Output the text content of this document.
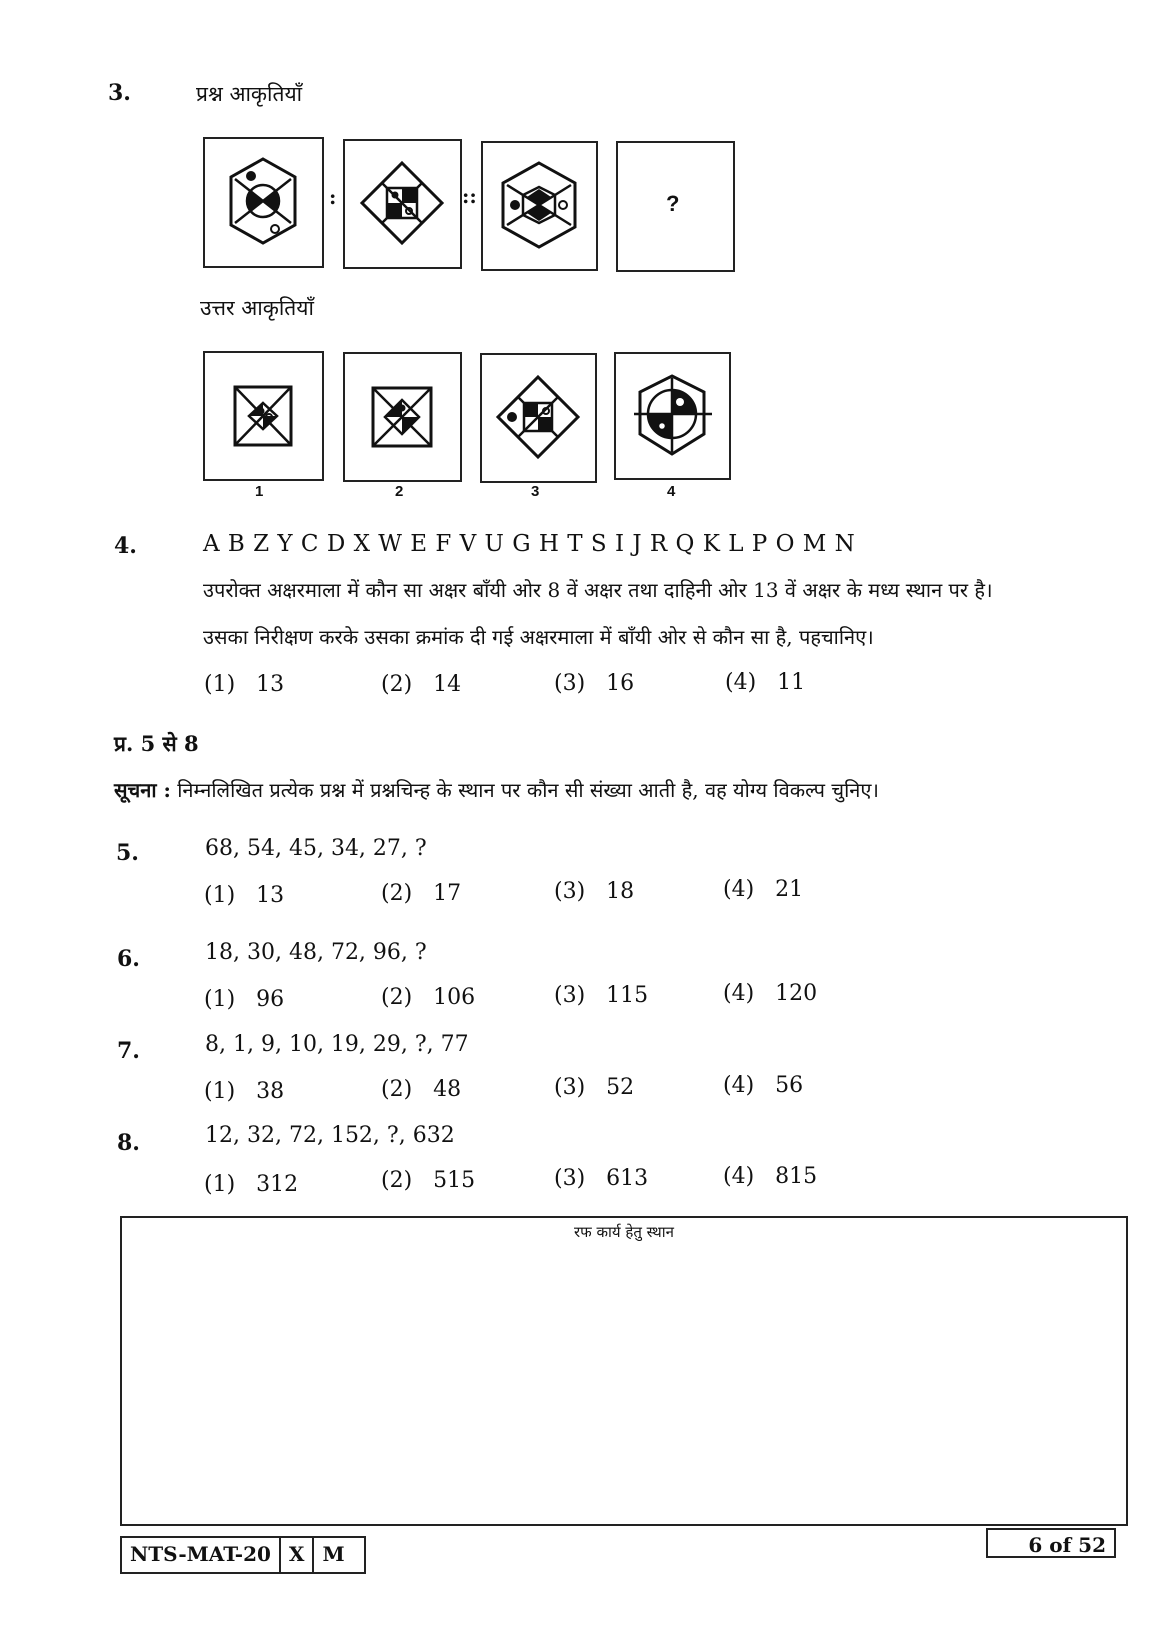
3.	प्रश्न आकृतियाँ
:	::	?
उत्तर आकृतियाँ
1	2	3	4
4.	A B Z Y C D X W E F V U G H T S I J R Q K L P O M N
उपरोक्त अक्षरमाला में कौन सा अक्षर बाँयी ओर 8 वें अक्षर तथा दाहिनी ओर 13 वें अक्षर के मध्य स्थान पर है।
उसका निरीक्षण करके उसका क्रमांक दी गई अक्षरमाला में बाँयी ओर से कौन सा है, पहचानिए।
(1) 13	(2) 14	(3) 16	(4) 11
प्र. 5 से 8
सूचना : निम्नलिखित प्रत्येक प्रश्न में प्रश्नचिन्ह के स्थान पर कौन सी संख्या आती है, वह योग्य विकल्प चुनिए।
5.	68, 54, 45, 34, 27, ?
(1) 13	(2) 17	(3) 18	(4) 21
6.	18, 30, 48, 72, 96, ?
(1) 96	(2) 106	(3) 115	(4) 120
7.	8, 1, 9, 10, 19, 29, ?, 77
(1) 38	(2) 48	(3) 52	(4) 56
8.	12, 32, 72, 152, ?, 632
(1) 312	(2) 515	(3) 613	(4) 815
रफ कार्य हेतु स्थान
NTS-MAT-20 X M	6 of 52
